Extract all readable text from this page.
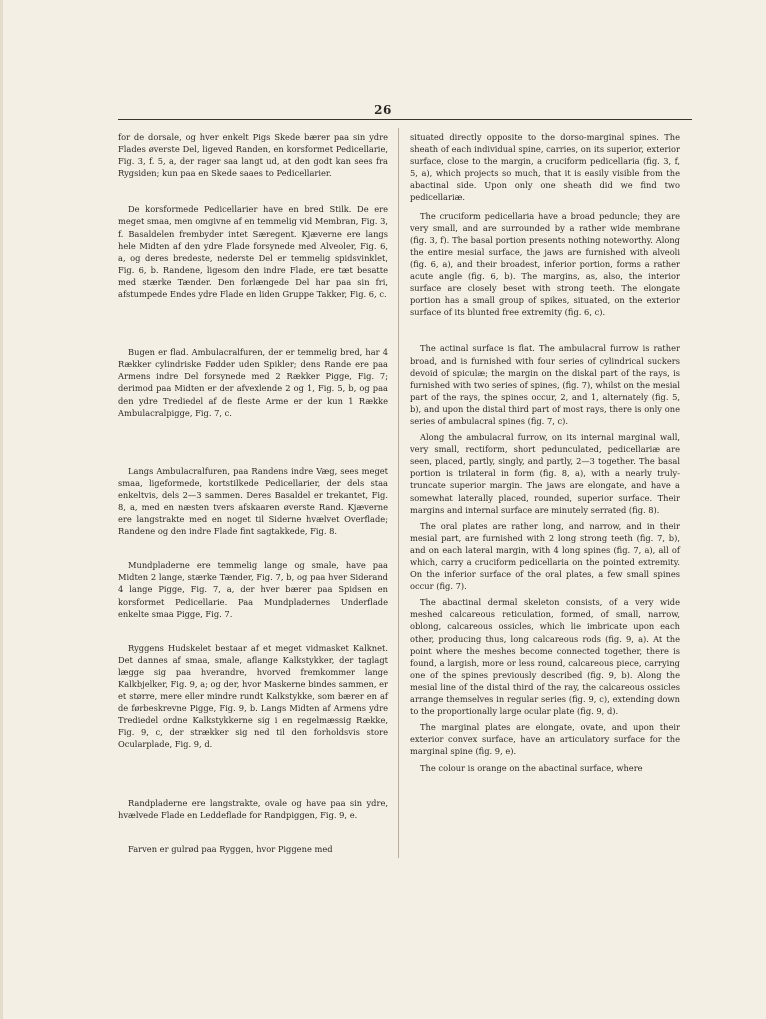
26

for de dorsale, og hver enkelt Pigs Skede bærer paa sin ydre Flades øverste Del, ligeved Randen, en korsformet Pedicellarie, Fig. 3, f. 5, a, der rager saa langt ud, at den godt kan sees fra Rygsiden; kun paa en Skede saaes to Pedicellarier.

De korsformede Pedicellarier have en bred Stilk. De ere meget smaa, men omgivne af en temmelig vid Membran, Fig. 3, f. Basaldelen frembyder intet Særegent. Kjæverne ere langs hele Midten af den ydre Flade forsynede med Alveoler, Fig. 6, a, og deres bredeste, nederste Del er temmelig spidsvinklet, Fig. 6, b. Randene, ligesom den indre Flade, ere tæt besatte med stærke Tænder. Den forlængede Del har paa sin fri, afstumpede Endes ydre Flade en liden Gruppe Takker, Fig. 6, c.

Bugen er flad. Ambulacralfuren, der er temmelig bred, har 4 Rækker cylindriske Fødder uden Spikler; dens Rande ere paa Armens indre Del forsynede med 2 Rækker Pigge, Fig. 7; derimod paa Midten er der afvexlende 2 og 1, Fig. 5, b, og paa den ydre Trediedel af de fleste Arme er der kun 1 Række Ambulacralpigge, Fig. 7, c.

Langs Ambulacralfuren, paa Randens indre Væg, sees meget smaa, ligeformede, kortstilkede Pedicellarier, der dels staa enkeltvis, dels 2—3 sammen. Deres Basaldel er trekantet, Fig. 8, a, med en næsten tvers afskaaren øverste Rand. Kjæverne ere langstrakte med en noget til Siderne hvælvet Overflade; Randene og den indre Flade fint sagtakkede, Fig. 8.

Mundpladerne ere temmelig lange og smale, have paa Midten 2 lange, stærke Tænder, Fig. 7, b, og paa hver Siderand 4 lange Pigge, Fig. 7, a, der hver bærer paa Spidsen en korsformet Pedicellarie. Paa Mundpladernes Underflade enkelte smaa Pigge, Fig. 7.

Ryggens Hudskelet bestaar af et meget vidmasket Kalknet. Det dannes af smaa, smale, aflange Kalkstykker, der taglagt lægge sig paa hverandre, hvorved fremkommer lange Kalkbjelker, Fig. 9, a; og der, hvor Maskerne bindes sammen, er et større, mere eller mindre rundt Kalkstykke, som bærer en af de førbeskrevne Pigge, Fig. 9, b. Langs Midten af Armens ydre Trediedel ordne Kalkstykkerne sig i en regelmæssig Række, Fig. 9, c, der strækker sig ned til den forholdsvis store Ocularplade, Fig. 9, d.

Randpladerne ere langstrakte, ovale og have paa sin ydre, hvælvede Flade en Leddeflade for Randpiggen, Fig. 9, e.

Farven er gulrød paa Ryggen, hvor Piggene med

situated directly opposite to the dorso-marginal spines. The sheath of each individual spine, carries, on its superior, exterior surface, close to the margin, a cruciform pedicellaria (fig. 3, f, 5, a), which projects so much, that it is easily visible from the abactinal side. Upon only one sheath did we find two pedicellariæ.

The cruciform pedicellaria have a broad peduncle; they are very small, and are surrounded by a rather wide membrane (fig. 3, f). The basal portion presents nothing noteworthy. Along the entire mesial surface, the jaws are furnished with alveoli (fig. 6, a), and their broadest, inferior portion, forms a rather acute angle (fig. 6, b). The margins, as, also, the interior surface are closely beset with strong teeth. The elongate portion has a small group of spikes, situated, on the exterior surface of its blunted free extremity (fig. 6, c).

The actinal surface is flat. The ambulacral furrow is rather broad, and is furnished with four series of cylindrical suckers devoid of spiculæ; the margin on the diskal part of the rays, is furnished with two series of spines, (fig. 7), whilst on the mesial part of the rays, the spines occur, 2, and 1, alternately (fig. 5, b), and upon the distal third part of most rays, there is only one series of ambulacral spines (fig. 7, c).

Along the ambulacral furrow, on its internal marginal wall, very small, rectiform, short pedunculated, pedicellariæ are seen, placed, partly, singly, and partly, 2—3 together. The basal portion is trilateral in form (fig. 8, a), with a nearly truly-truncate superior margin. The jaws are elongate, and have a somewhat laterally placed, rounded, superior surface. Their margins and internal surface are minutely serrated (fig. 8).

The oral plates are rather long, and narrow, and in their mesial part, are furnished with 2 long strong teeth (fig. 7, b), and on each lateral margin, with 4 long spines (fig. 7, a), all of which, carry a cruciform pedicellaria on the pointed extremity. On the inferior surface of the oral plates, a few small spines occur (fig. 7).

The abactinal dermal skeleton consists, of a very wide meshed calcareous reticulation, formed, of small, narrow, oblong, calcareous ossicles, which lie imbricate upon each other, producing thus, long calcareous rods (fig. 9, a). At the point where the meshes become connected together, there is found, a largish, more or less round, calcareous piece, carrying one of the spines previously described (fig. 9, b). Along the mesial line of the distal third of the ray, the calcareous ossicles arrange themselves in regular series (fig. 9, c), extending down to the proportionally large ocular plate (fig. 9, d).

The marginal plates are elongate, ovate, and upon their exterior convex surface, have an articulatory surface for the marginal spine (fig. 9, e).

The colour is orange on the abactinal surface, where
